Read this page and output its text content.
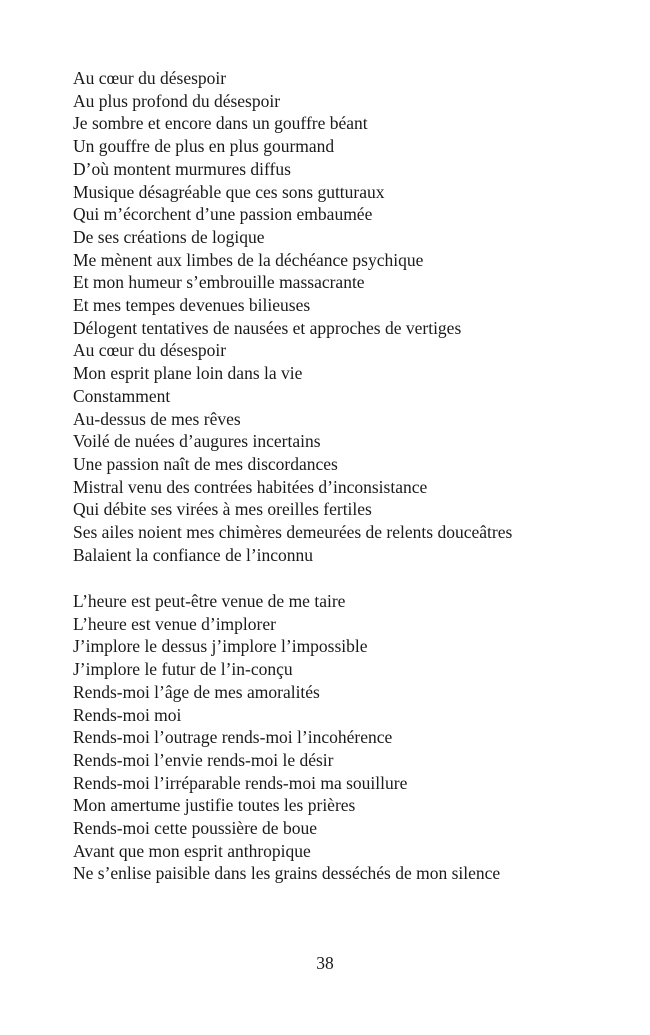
Au cœur du désespoir
Au plus profond du désespoir
Je sombre et encore dans un gouffre béant
Un gouffre de plus en plus gourmand
D’où montent murmures diffus
Musique désagréable que ces sons gutturaux
Qui m’écorchent d’une passion embaumée
De ses créations de logique
Me mènent aux limbes de la déchéance psychique
Et mon humeur s’embrouille massacrante
Et mes tempes devenues bilieuses
Délogent tentatives de nausées et approches de vertiges
Au cœur du désespoir
Mon esprit plane loin dans la vie
Constamment
Au-dessus de mes rêves
Voilé de nuées d’augures incertains
Une passion naît de mes discordances
Mistral venu des contrées habitées d’inconsistance
Qui débite ses virées à mes oreilles fertiles
Ses ailes noient mes chimères demeurées de relents douceâtres
Balaient la confiance de l’inconnu
L’heure est peut-être venue de me taire
L’heure est venue d’implorer
J’implore le dessus j’implore l’impossible
J’implore le futur de l’in-conçu
Rends-moi l’âge de mes amoralités
Rends-moi moi
Rends-moi l’outrage rends-moi l’incohérence
Rends-moi l’envie rends-moi le désir
Rends-moi l’irréparable rends-moi ma souillure
Mon amertume justifie toutes les prières
Rends-moi cette poussière de boue
Avant que mon esprit anthropique
Ne s’enlise paisible dans les grains desséchés de mon silence
38
